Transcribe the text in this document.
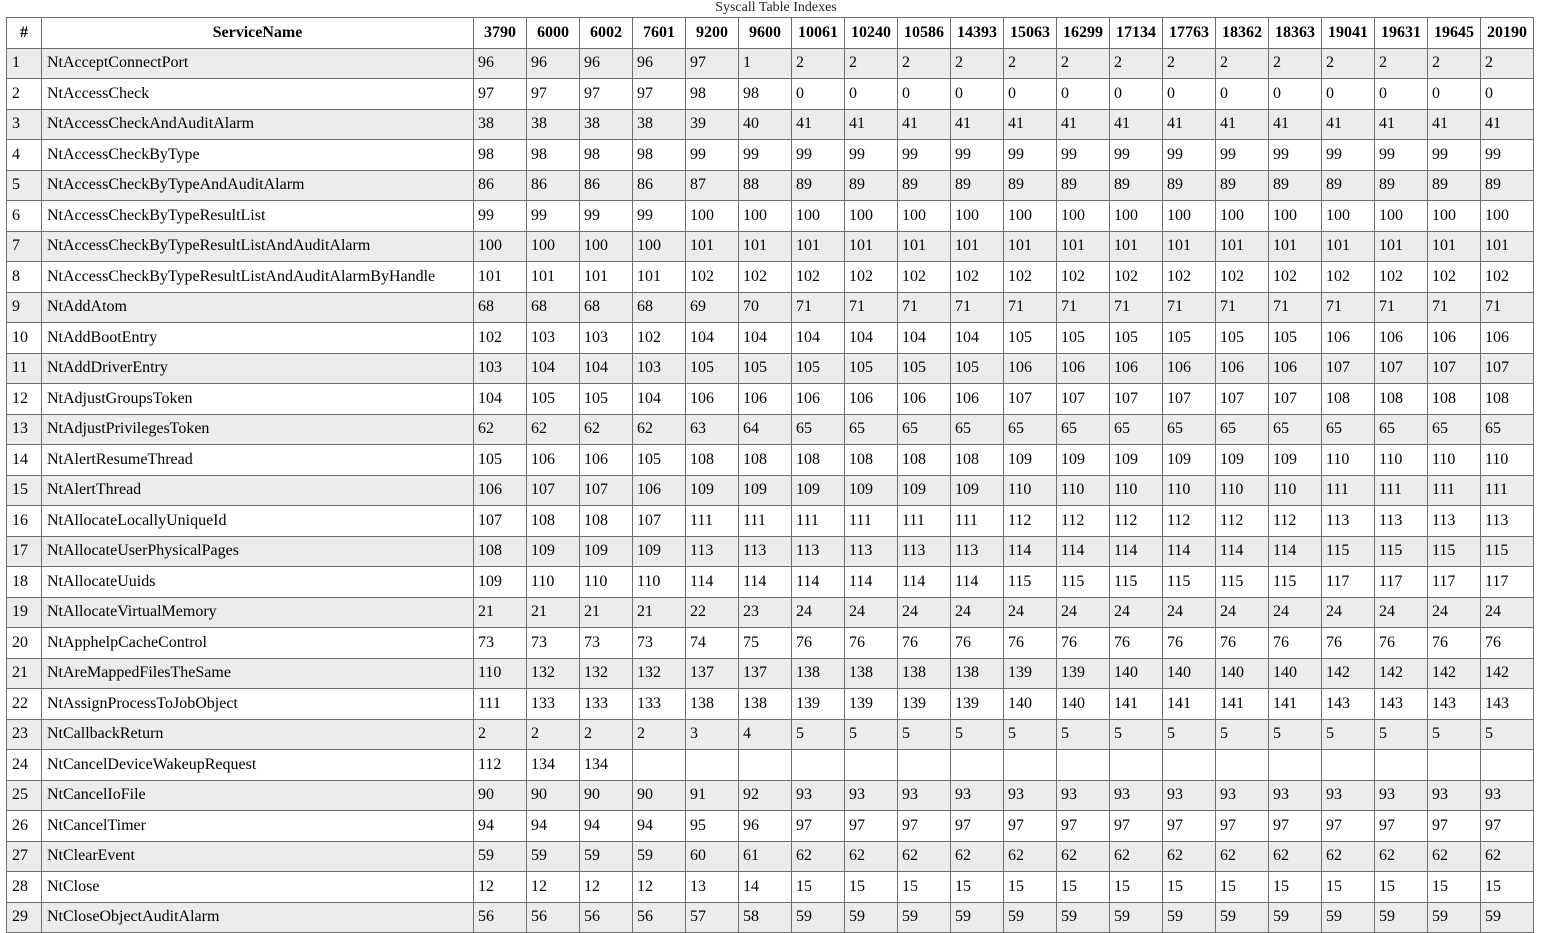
Syscall Table Indexes
#	ServiceName	3790	6000	6002	7601	9200	9600	10061	10240	10586	14393	15063	16299	17134	17763	18362	18363	19041	19631	19645	20190
1	NtAcceptConnectPort	96	96	96	96	97	1	2	2	2	2	2	2	2	2	2	2	2	2	2	2
2	NtAccessCheck	97	97	97	97	98	98	0	0	0	0	0	0	0	0	0	0	0	0	0	0
3	NtAccessCheckAndAuditAlarm	38	38	38	38	39	40	41	41	41	41	41	41	41	41	41	41	41	41	41	41
4	NtAccessCheckByType	98	98	98	98	99	99	99	99	99	99	99	99	99	99	99	99	99	99	99	99
5	NtAccessCheckByTypeAndAuditAlarm	86	86	86	86	87	88	89	89	89	89	89	89	89	89	89	89	89	89	89	89
6	NtAccessCheckByTypeResultList	99	99	99	99	100	100	100	100	100	100	100	100	100	100	100	100	100	100	100	100
7	NtAccessCheckByTypeResultListAndAuditAlarm	100	100	100	100	101	101	101	101	101	101	101	101	101	101	101	101	101	101	101	101
8	NtAccessCheckByTypeResultListAndAuditAlarmByHandle	101	101	101	101	102	102	102	102	102	102	102	102	102	102	102	102	102	102	102	102
9	NtAddAtom	68	68	68	68	69	70	71	71	71	71	71	71	71	71	71	71	71	71	71	71
10	NtAddBootEntry	102	103	103	102	104	104	104	104	104	104	105	105	105	105	105	105	106	106	106	106
11	NtAddDriverEntry	103	104	104	103	105	105	105	105	105	105	106	106	106	106	106	106	107	107	107	107
12	NtAdjustGroupsToken	104	105	105	104	106	106	106	106	106	106	107	107	107	107	107	107	108	108	108	108
13	NtAdjustPrivilegesToken	62	62	62	62	63	64	65	65	65	65	65	65	65	65	65	65	65	65	65	65
14	NtAlertResumeThread	105	106	106	105	108	108	108	108	108	108	109	109	109	109	109	109	110	110	110	110
15	NtAlertThread	106	107	107	106	109	109	109	109	109	109	110	110	110	110	110	110	111	111	111	111
16	NtAllocateLocallyUniqueId	107	108	108	107	111	111	111	111	111	111	112	112	112	112	112	112	113	113	113	113
17	NtAllocateUserPhysicalPages	108	109	109	109	113	113	113	113	113	113	114	114	114	114	114	114	115	115	115	115
18	NtAllocateUuids	109	110	110	110	114	114	114	114	114	114	115	115	115	115	115	115	117	117	117	117
19	NtAllocateVirtualMemory	21	21	21	21	22	23	24	24	24	24	24	24	24	24	24	24	24	24	24	24
20	NtApphelpCacheControl	73	73	73	73	74	75	76	76	76	76	76	76	76	76	76	76	76	76	76	76
21	NtAreMappedFilesTheSame	110	132	132	132	137	137	138	138	138	138	139	139	140	140	140	140	142	142	142	142
22	NtAssignProcessToJobObject	111	133	133	133	138	138	139	139	139	139	140	140	141	141	141	141	143	143	143	143
23	NtCallbackReturn	2	2	2	2	3	4	5	5	5	5	5	5	5	5	5	5	5	5	5	5
24	NtCancelDeviceWakeupRequest	112	134	134																	
25	NtCancelIoFile	90	90	90	90	91	92	93	93	93	93	93	93	93	93	93	93	93	93	93	93
26	NtCancelTimer	94	94	94	94	95	96	97	97	97	97	97	97	97	97	97	97	97	97	97	97
27	NtClearEvent	59	59	59	59	60	61	62	62	62	62	62	62	62	62	62	62	62	62	62	62
28	NtClose	12	12	12	12	13	14	15	15	15	15	15	15	15	15	15	15	15	15	15	15
29	NtCloseObjectAuditAlarm	56	56	56	56	57	58	59	59	59	59	59	59	59	59	59	59	59	59	59	59
